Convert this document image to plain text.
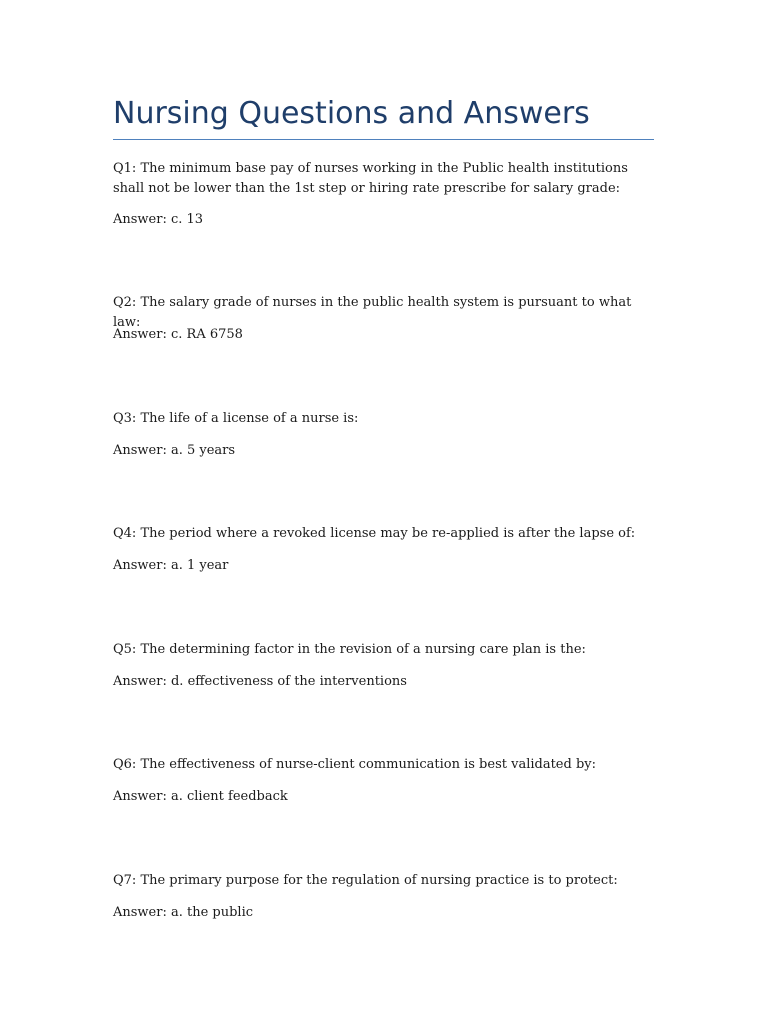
Nursing Questions and Answers

Q1: The minimum base pay of nurses working in the Public health institutions shall not be lower than the 1st step or hiring rate prescribe for salary grade:

Answer: c. 13

Q2: The salary grade of nurses in the public health system is pursuant to what law:

Answer: c. RA 6758

Q3: The life of a license of a nurse is:

Answer: a. 5 years

Q4: The period where a revoked license may be re-applied is after the lapse of:

Answer: a. 1 year

Q5: The determining factor in the revision of a nursing care plan is the:

Answer: d. effectiveness of the interventions

Q6: The effectiveness of nurse-client communication is best validated by:

Answer: a. client feedback

Q7: The primary purpose for the regulation of nursing practice is to protect:

Answer: a. the public
